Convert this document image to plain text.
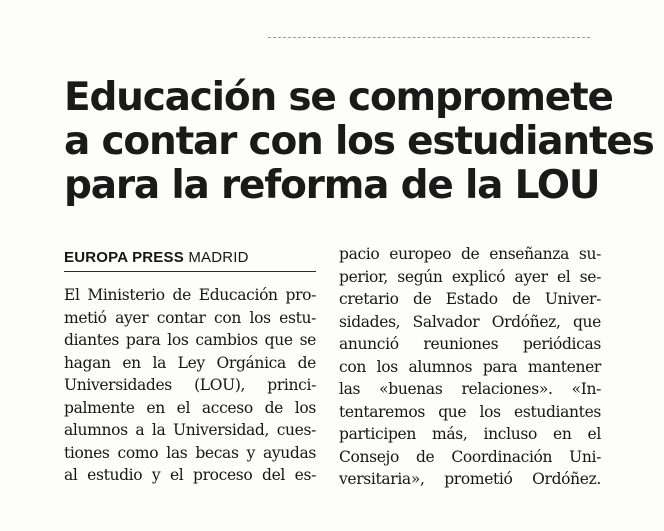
Educación se compromete
a contar con los estudiantes
para la reforma de la LOU
EUROPA PRESS MADRID
El Ministerio de Educación pro-
metió ayer contar con los estu-
diantes para los cambios que se
hagan en la Ley Orgánica de
Universidades (LOU), princi-
palmente en el acceso de los
alumnos a la Universidad, cues-
tiones como las becas y ayudas
al estudio y el proceso del es-
pacio europeo de enseñanza su-
perior, según explicó ayer el se-
cretario de Estado de Univer-
sidades, Salvador Ordóñez, que
anunció reuniones periódicas
con los alumnos para mantener
las «buenas relaciones». «In-
tentaremos que los estudiantes
participen más, incluso en el
Consejo de Coordinación Uni-
versitaria», prometió Ordóñez.
